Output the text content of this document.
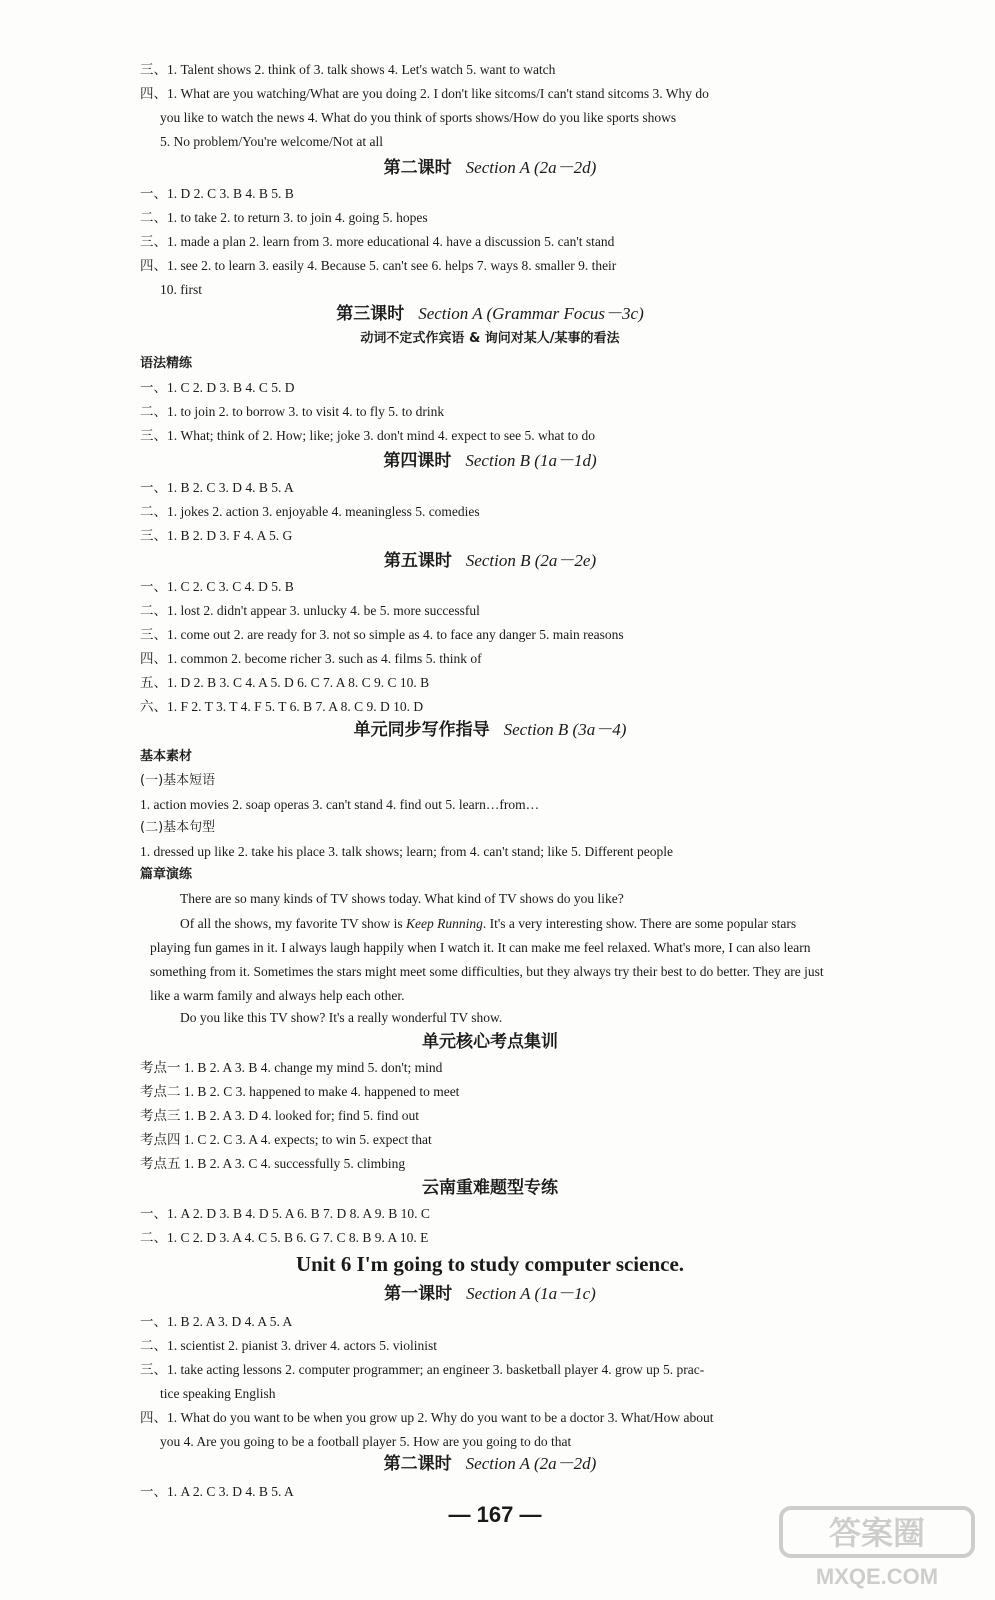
三、1. Talent shows 2. think of 3. talk shows 4. Let's watch 5. want to watch
四、1. What are you watching/What are you doing 2. I don't like sitcoms/I can't stand sitcoms 3. Why do
you like to watch the news 4. What do you think of sports shows/How do you like sports shows
5. No problem/You're welcome/Not at all
第二课时 Section A (2a－2d)
一、1. D 2. C 3. B 4. B 5. B
二、1. to take 2. to return 3. to join 4. going 5. hopes
三、1. made a plan 2. learn from 3. more educational 4. have a discussion 5. can't stand
四、1. see 2. to learn 3. easily 4. Because 5. can't see 6. helps 7. ways 8. smaller 9. their
10. first
第三课时 Section A (Grammar Focus－3c)
动词不定式作宾语 & 询问对某人/某事的看法
语法精练
一、1. C 2. D 3. B 4. C 5. D
二、1. to join 2. to borrow 3. to visit 4. to fly 5. to drink
三、1. What; think of 2. How; like; joke 3. don't mind 4. expect to see 5. what to do
第四课时 Section B (1a－1d)
一、1. B 2. C 3. D 4. B 5. A
二、1. jokes 2. action 3. enjoyable 4. meaningless 5. comedies
三、1. B 2. D 3. F 4. A 5. G
第五课时 Section B (2a－2e)
一、1. C 2. C 3. C 4. D 5. B
二、1. lost 2. didn't appear 3. unlucky 4. be 5. more successful
三、1. come out 2. are ready for 3. not so simple as 4. to face any danger 5. main reasons
四、1. common 2. become richer 3. such as 4. films 5. think of
五、1. D 2. B 3. C 4. A 5. D 6. C 7. A 8. C 9. C 10. B
六、1. F 2. T 3. T 4. F 5. T 6. B 7. A 8. C 9. D 10. D
单元同步写作指导 Section B (3a－4)
基本素材
(一)基本短语
1. action movies 2. soap operas 3. can't stand 4. find out 5. learn…from…
(二)基本句型
1. dressed up like 2. take his place 3. talk shows; learn; from 4. can't stand; like 5. Different people
篇章演练
There are so many kinds of TV shows today. What kind of TV shows do you like?
Of all the shows, my favorite TV show is Keep Running. It's a very interesting show. There are some popular stars playing fun games in it. I always laugh happily when I watch it. It can make me feel relaxed. What's more, I can also learn something from it. Sometimes the stars might meet some difficulties, but they always try their best to do better. They are just like a warm family and always help each other.
Do you like this TV show? It's a really wonderful TV show.
单元核心考点集训
考点一 1. B 2. A 3. B 4. change my mind 5. don't; mind
考点二 1. B 2. C 3. happened to make 4. happened to meet
考点三 1. B 2. A 3. D 4. looked for; find 5. find out
考点四 1. C 2. C 3. A 4. expects; to win 5. expect that
考点五 1. B 2. A 3. C 4. successfully 5. climbing
云南重难题型专练
一、1. A 2. D 3. B 4. D 5. A 6. B 7. D 8. A 9. B 10. C
二、1. C 2. D 3. A 4. C 5. B 6. G 7. C 8. B 9. A 10. E
Unit 6 I'm going to study computer science.
第一课时 Section A (1a－1c)
一、1. B 2. A 3. D 4. A 5. A
二、1. scientist 2. pianist 3. driver 4. actors 5. violinist
三、1. take acting lessons 2. computer programmer; an engineer 3. basketball player 4. grow up 5. prac-
tice speaking English
四、1. What do you want to be when you grow up 2. Why do you want to be a doctor 3. What/How about
you 4. Are you going to be a football player 5. How are you going to do that
第二课时 Section A (2a－2d)
一、1. A 2. C 3. D 4. B 5. A
— 167 —	答案圈
MXQE.COM
